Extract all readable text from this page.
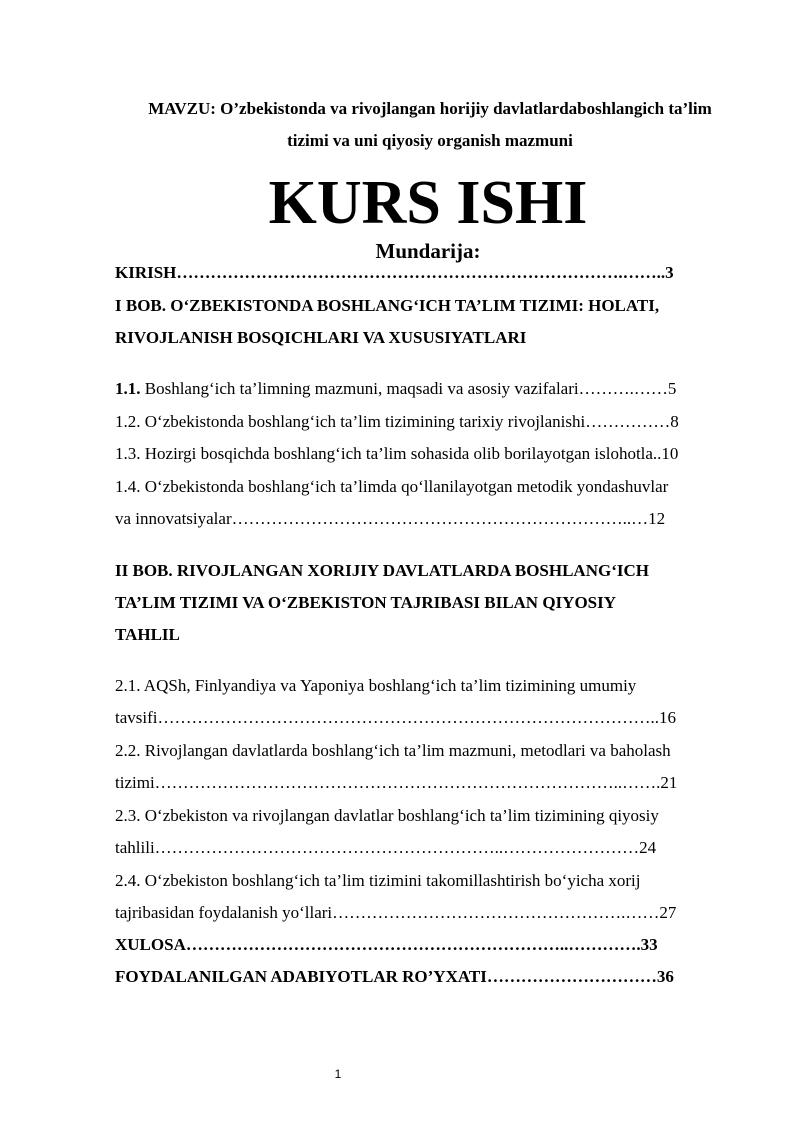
MAVZU: O’zbekistonda va rivojlangan horijiy davlatlardaboshlangich ta’lim
tizimi va uni qiyosiy organish mazmuni
KURS ISHI
Mundarija:
KIRISH…………………………………………………………………….……..3
I BOB. O‘ZBEKISTONDA BOSHLANG‘ICH TA’LIM TIZIMI: HOLATI,
RIVOJLANISH BOSQICHLARI VA XUSUSIYATLARI
1.1. Boshlang‘ich ta’limning mazmuni, maqsadi va asosiy vazifalari……….……5
1.2. O‘zbekistonda boshlang‘ich ta’lim tizimining tarixiy rivojlanishi……………8
1.3. Hozirgi bosqichda boshlang‘ich ta’lim sohasida olib borilayotgan islohotla..10
1.4. O‘zbekistonda boshlang‘ich ta’limda qo‘llanilayotgan metodik yondashuvlar
va innovatsiyalar……………………………………………………………..…12
II BOB. RIVOJLANGAN XORIJIY DAVLATLARDA BOSHLANG‘ICH
TA’LIM TIZIMI VA O‘ZBEKISTON TAJRIBASI BILAN QIYOSIY
TAHLIL
2.1. AQSh, Finlyandiya va Yaponiya boshlang‘ich ta’lim tizimining umumiy
tavsifi……………………………………………………………………………..16
2.2. Rivojlangan davlatlarda boshlang‘ich ta’lim mazmuni, metodlari va baholash
tizimi………………………………………………………………………..…….21
2.3. O‘zbekiston va rivojlangan davlatlar boshlang‘ich ta’lim tizimining qiyosiy
tahlili……………………………………………………..……………………24
2.4. O‘zbekiston boshlang‘ich ta’lim tizimini takomillashtirish bo‘yicha xorij
tajribasidan foydalanish yo‘llari…………………………………………….……27
XULOSA…………………………………………………………..………….33
FOYDALANILGAN ADABIYOTLAR RO’YXATI…………………………36
1
